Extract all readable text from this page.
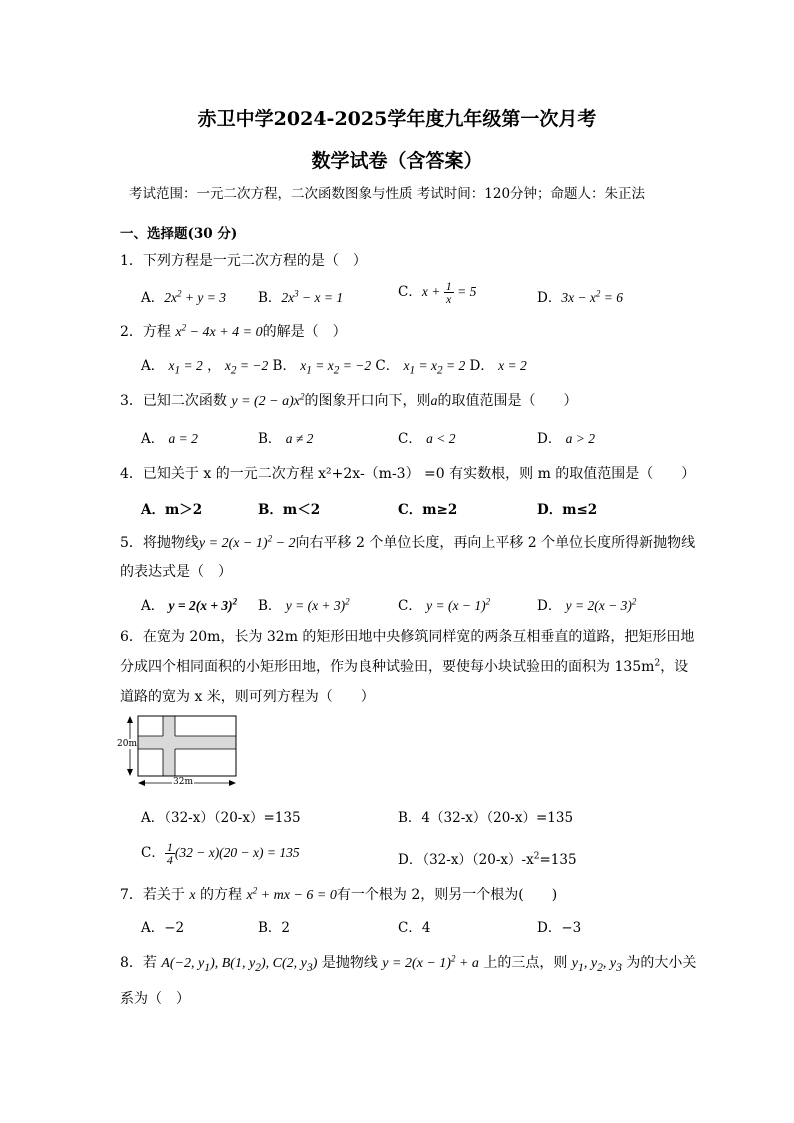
赤卫中学2024-2025学年度九年级第一次月考
数学试卷（含答案）
考试范围：一元二次方程，二次函数图象与性质 考试时间：120分钟；命题人：朱正法
一、选择题(30 分)
1．下列方程是一元二次方程的是（　）
A．$2x^2 + y = 3$ B．$2x^3 - x = 1$	C．$x + \frac{1}{x} = 5$	D．$3x - x^2 = 6$
2．方程 $x^2 - 4x + 4 = 0$的解是（　）
A． $x_1 = 2$ ， $x_2 = -2$ B． $x_1 = x_2 = -2$ C． $x_1 = x_2 = 2$ D． x = 2
3．已知二次函数 $y = (2 - a)x^2$的图象开口向下，则a的取值范围是（　　）
A． a = 2	B． a ≠ 2	C． a < 2	D． a > 2
4．已知关于 x 的一元二次方程 x²+2x-（m-3） =0 有实数根，则 m 的取值范围是（　　）
A．m＞2	B．m＜2	C．m≥2	D．m≤2
5．将抛物线$y = 2(x - 1)^2 - 2$向右平移 2 个单位长度，再向上平移 2 个单位长度所得新抛物线
的表达式是（　）
A． $y = 2(x + 3)^2$ B． $y = (x + 3)^2$	C． $y = (x - 1)^2$	D． $y = 2(x - 3)^2$
6．在宽为 20m，长为 32m 的矩形田地中央修筑同样宽的两条互相垂直的道路，把矩形田地
分成四个相同面积的小矩形田地，作为良种试验田，要使每小块试验田的面积为 $135m^2$，设
道路的宽为 x 米，则可列方程为（　　）
20m
32m
A．（32-x）（20-x）=135	B．4（32-x）（20-x）=135
C． $\frac{1}{4} (32 - x)(20 - x) = 135$	D．$(32-x)(20-x)-x^2=135$
7．若关于 x 的方程 $x^2$ + mx − 6 = 0有一个根为 2，则另一个根为(　　)
A．−2	B．2	C．4	D．−3
8．若 A(−2, $y_1$), B(1, $y_2$), C(2, $y_3$) 是抛物线 $y = 2(x - 1)^2 + a$ 上的三点，则 $y_1$, $y_2$, $y_3$ 为的大小关
系为（　）
